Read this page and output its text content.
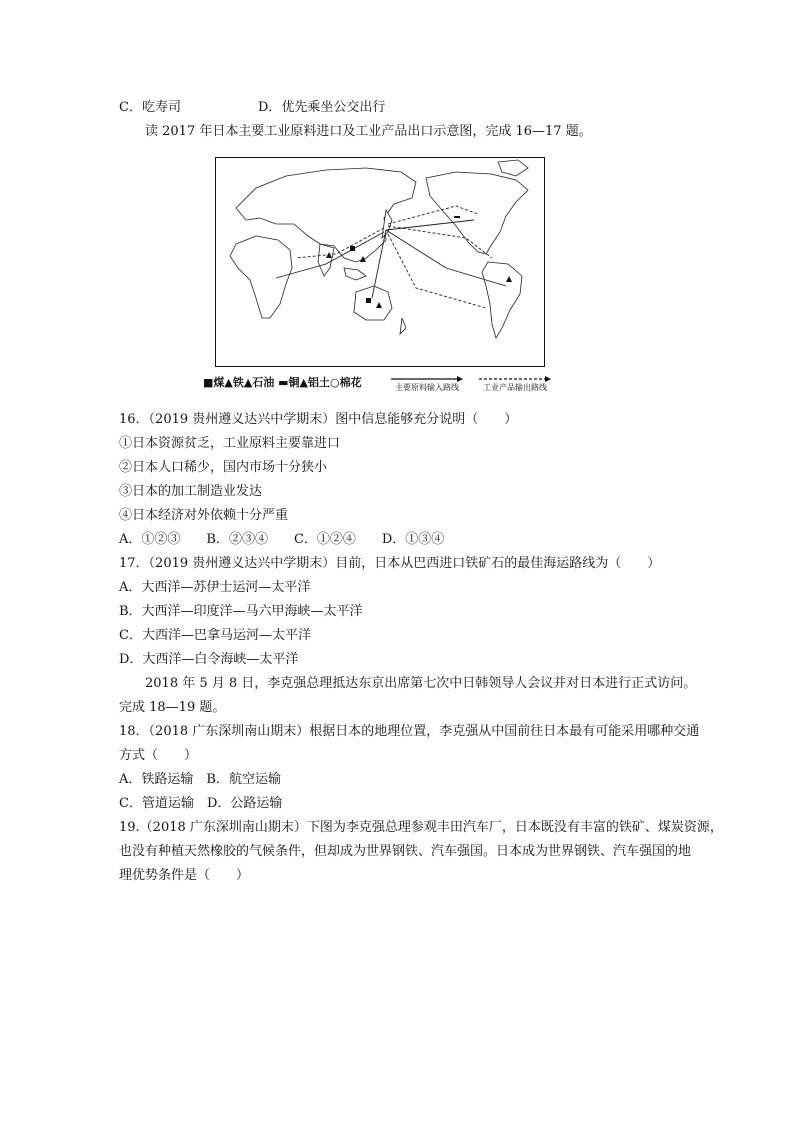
C．吃寿司	D．优先乘坐公交出行
读 2017 年日本主要工业原料进口及工业产品出口示意图，完成 16—17 题。
■煤▲铁▲石油 ▬铜▲铝土○棉花	主要原料输入路线	工业产品输出路线
16．（2019 贵州遵义达兴中学期末）图中信息能够充分说明（　　）
①日本资源贫乏，工业原料主要靠进口
②日本人口稀少，国内市场十分狭小
③日本的加工制造业发达
④日本经济对外依赖十分严重
A．①②③　　B．②③④　　C．①②④　　D．①③④
17．（2019 贵州遵义达兴中学期末）目前，日本从巴西进口铁矿石的最佳海运路线为（　　）
A．大西洋—苏伊士运河—太平洋
B．大西洋—印度洋—马六甲海峡—太平洋
C．大西洋—巴拿马运河—太平洋
D．大西洋—白令海峡—太平洋
2018 年 5 月 8 日，李克强总理抵达东京出席第七次中日韩领导人会议并对日本进行正式访问。
完成 18—19 题。
18．（2018 广东深圳南山期末）根据日本的地理位置，李克强从中国前往日本最有可能采用哪种交通
方式（　　）
A．铁路运输　B．航空运输
C．管道运输　D．公路运输
19.（2018 广东深圳南山期末）下图为李克强总理参观丰田汽车厂，日本既没有丰富的铁矿、煤炭资源，
也没有种植天然橡胶的气候条件，但却成为世界钢铁、汽车强国。日本成为世界钢铁、汽车强国的地
理优势条件是（　　）
